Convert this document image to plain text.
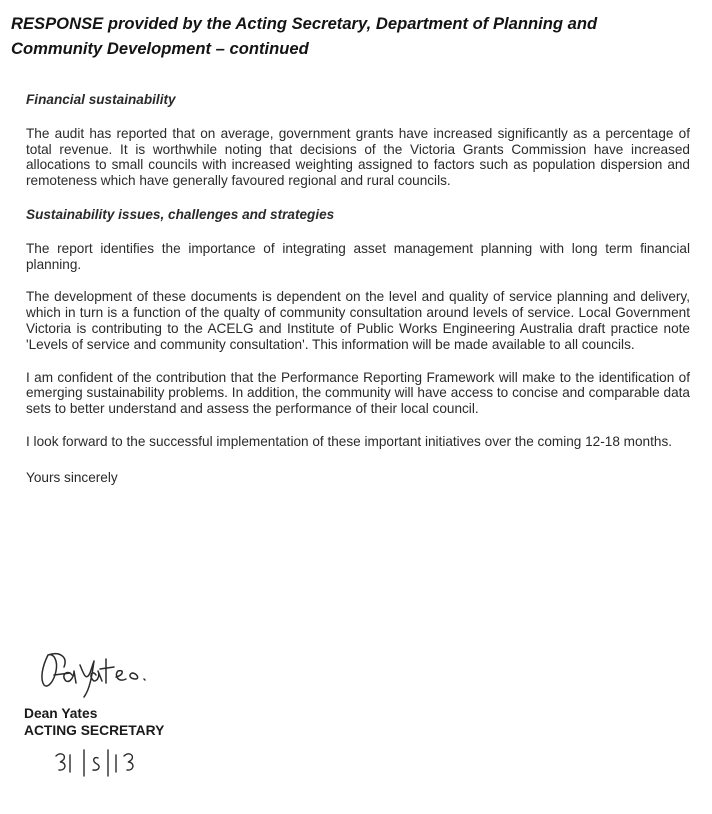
RESPONSE provided by the Acting Secretary, Department of Planning and
Community Development – continued

Financial sustainability

The audit has reported that on average, government grants have increased significantly as a percentage of total revenue. It is worthwhile noting that decisions of the Victoria Grants Commission have increased allocations to small councils with increased weighting assigned to factors such as population dispersion and remoteness which have generally favoured regional and rural councils.

Sustainability issues, challenges and strategies

The report identifies the importance of integrating asset management planning with long term financial planning.

The development of these documents is dependent on the level and quality of service planning and delivery, which in turn is a function of the qualty of community consultation around levels of service. Local Government Victoria is contributing to the ACELG and Institute of Public Works Engineering Australia draft practice note 'Levels of service and community consultation'. This information will be made available to all councils.

I am confident of the contribution that the Performance Reporting Framework will make to the identification of emerging sustainability problems. In addition, the community will have access to concise and comparable data sets to better understand and assess the performance of their local council.

I look forward to the successful implementation of these important initiatives over the coming 12-18 months.

Yours sincerely

Dean Yates
ACTING SECRETARY
